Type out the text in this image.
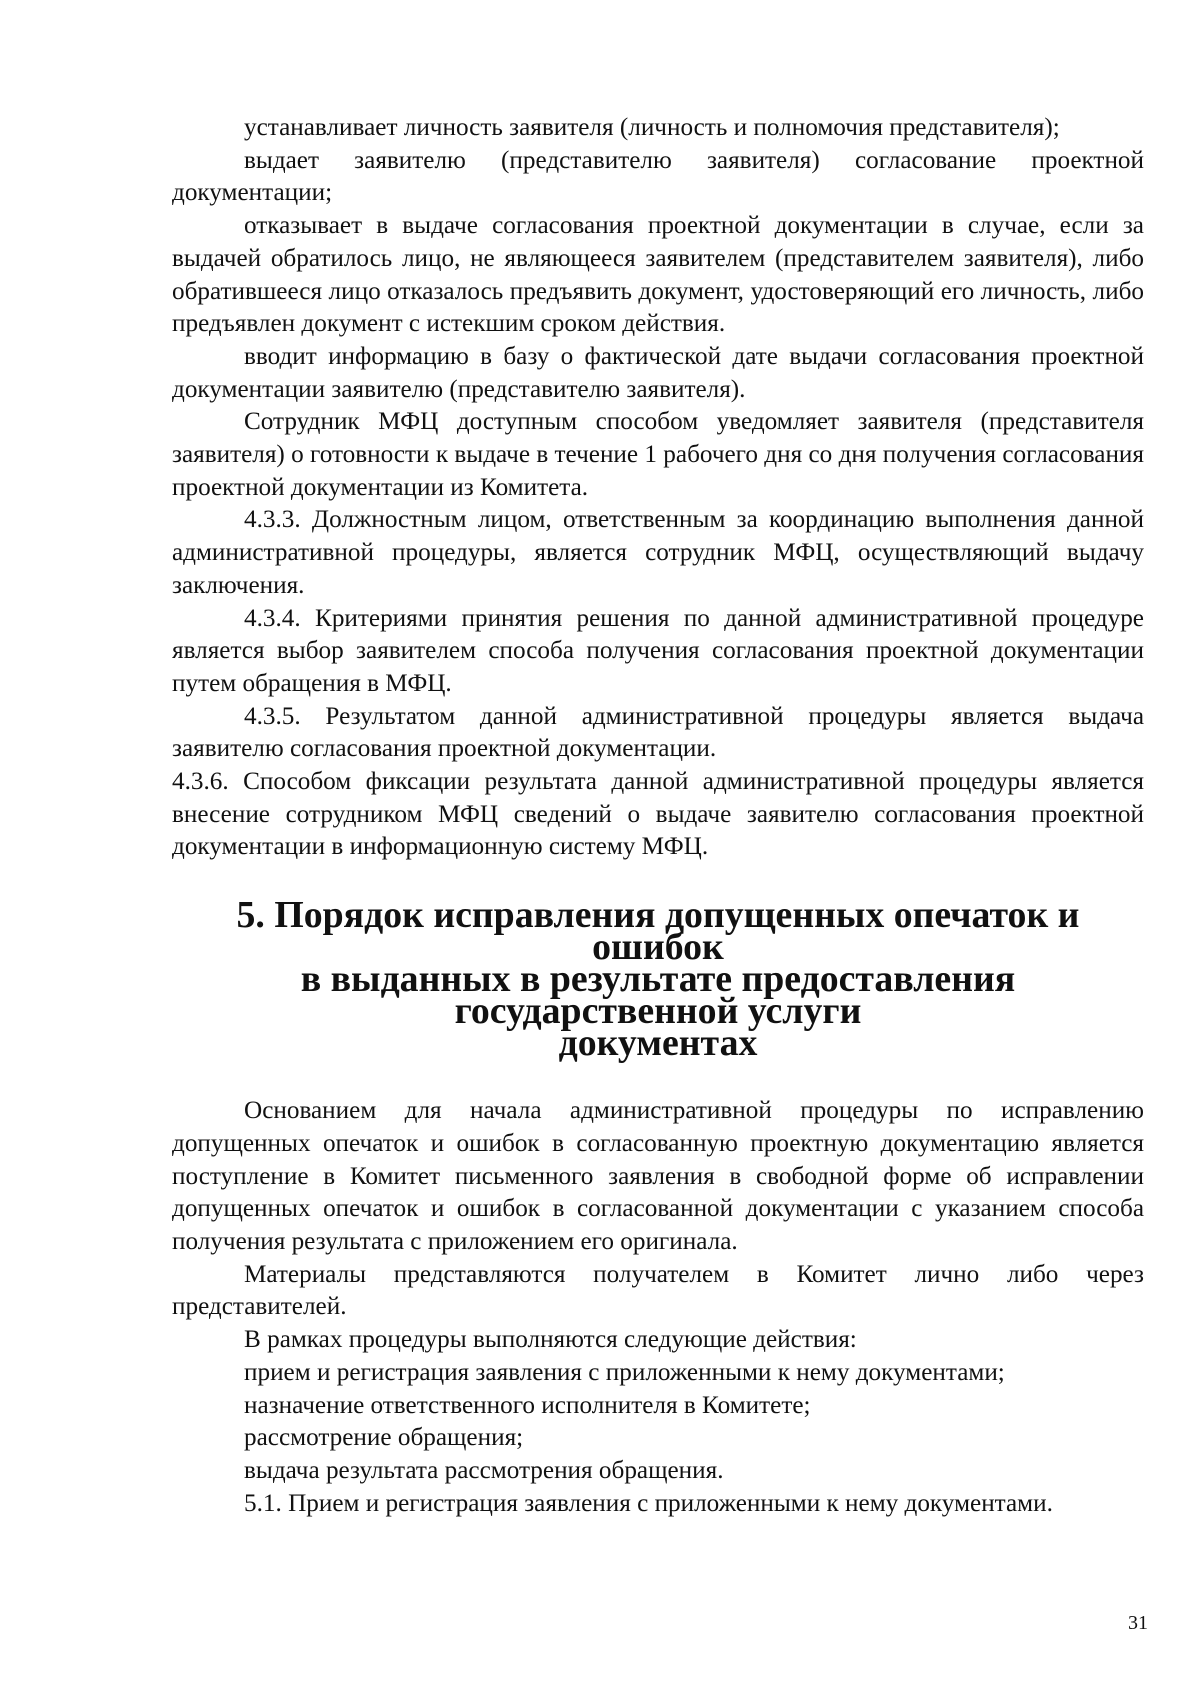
устанавливает личность заявителя (личность и полномочия представителя);

выдает заявителю (представителю заявителя) согласование проектной документации;

отказывает в выдаче согласования проектной документации в случае, если за выдачей обратилось лицо, не являющееся заявителем (представителем заявителя), либо обратившееся лицо отказалось предъявить документ, удостоверяющий его личность, либо предъявлен документ с истекшим сроком действия.

вводит информацию в базу о фактической дате выдачи согласования проектной документации заявителю (представителю заявителя).

Сотрудник МФЦ доступным способом уведомляет заявителя (представителя заявителя) о готовности к выдаче в течение 1 рабочего дня со дня получения согласования проектной документации из Комитета.

4.3.3. Должностным лицом, ответственным за координацию выполнения данной административной процедуры, является сотрудник МФЦ, осуществляющий выдачу заключения.

4.3.4. Критериями принятия решения по данной административной процедуре является выбор заявителем способа получения согласования проектной документации путем обращения в МФЦ.

4.3.5. Результатом данной административной процедуры является выдача заявителю согласования проектной документации.

4.3.6. Способом фиксации результата данной административной процедуры является внесение сотрудником МФЦ сведений о выдаче заявителю согласования проектной документации в информационную систему МФЦ.

5. Порядок исправления допущенных опечаток и ошибок
в выданных в результате предоставления государственной услуги
документах

Основанием для начала административной процедуры по исправлению допущенных опечаток и ошибок в согласованную проектную документацию является поступление в Комитет письменного заявления в свободной форме об исправлении допущенных опечаток и ошибок в согласованной документации с указанием способа получения результата с приложением его оригинала.

Материалы представляются получателем в Комитет лично либо через представителей.

В рамках процедуры выполняются следующие действия:

прием и регистрация заявления с приложенными к нему документами;

назначение ответственного исполнителя в Комитете;

рассмотрение обращения;

выдача результата рассмотрения обращения.

5.1. Прием и регистрация заявления с приложенными к нему документами.

31
